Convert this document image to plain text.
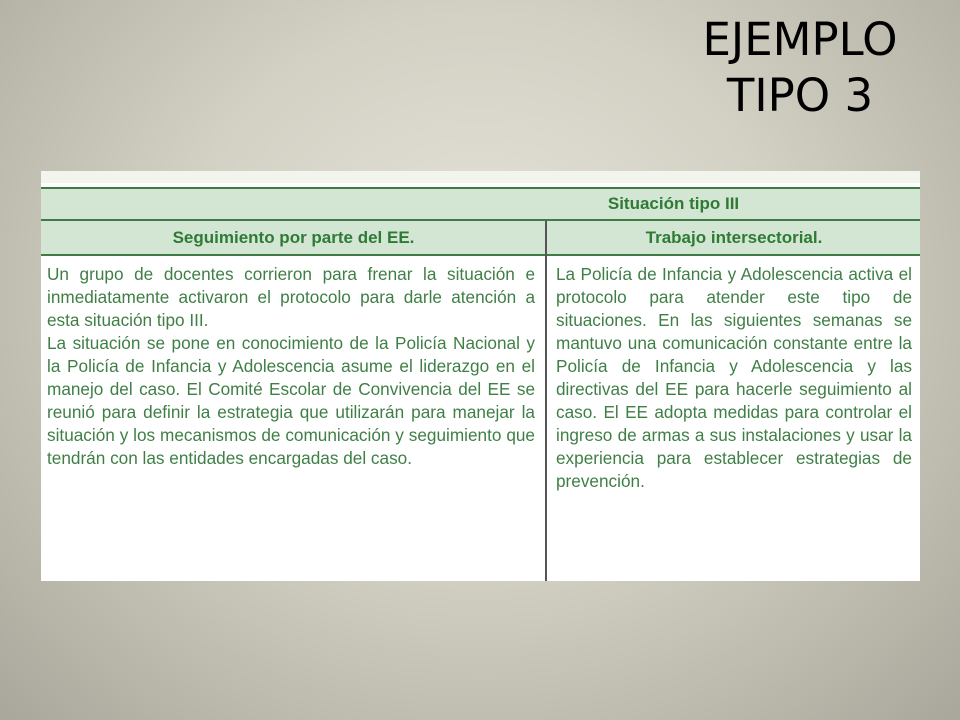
EJEMPLO
TIPO 3
Situación tipo III
Seguimiento por parte del EE.	Trabajo intersectorial.

Un grupo de docentes corrieron para frenar la situación e inmediatamente activaron el protocolo para darle atención a esta situación tipo III.

La situación se pone en conocimiento de la Policía Nacional y la Policía de Infancia y Adolescencia asume el liderazgo en el manejo del caso. El Comité Escolar de Convivencia del EE se reunió para definir la estrategia que utilizarán para manejar la situación y los mecanismos de comunicación y seguimiento que tendrán con las entidades encargadas del caso.

La Policía de Infancia y Adolescencia activa el protocolo para atender este tipo de situaciones. En las siguientes semanas se mantuvo una comunicación constante entre la Policía de Infancia y Adolescencia y las directivas del EE para hacerle seguimiento al caso. El EE adopta medidas para controlar el ingreso de armas a sus instalaciones y usar la experiencia para establecer estrategias de prevención.
